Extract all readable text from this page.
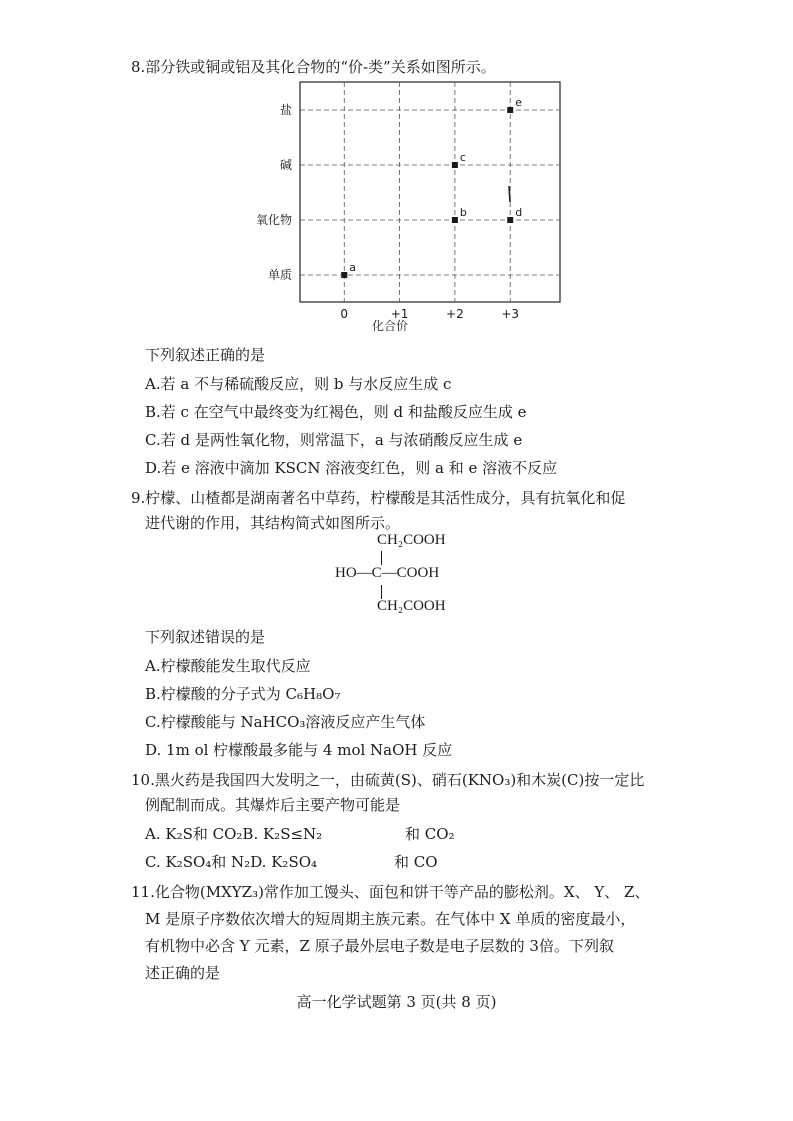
8.部分铁或铜或铝及其化合物的“价-类”关系如图所示。
单质
氧化物
碱
盐
0	+1	+2	+3
a
b
c
d
e
化合价
下列叙述正确的是
A.若 a 不与稀硫酸反应，则 b 与水反应生成 c
B.若 c 在空气中最终变为红褐色，则 d 和盐酸反应生成 e
C.若 d 是两性氧化物，则常温下，a 与浓硝酸反应生成 e
D.若 e 溶液中滴加 KSCN 溶液变红色，则 a 和 e 溶液不反应
9.柠檬、山楂都是湖南著名中草药，柠檬酸是其活性成分，具有抗氧化和促
进代谢的作用，其结构简式如图所示。
CH₂COOH
HO—C—COOH
CH₂COOH
下列叙述错误的是
A.柠檬酸能发生取代反应
B.柠檬酸的分子式为 C₆H₈O₇
C.柠檬酸能与 NaHCO₃溶液反应产生气体
D. 1m ol 柠檬酸最多能与 4 mol NaOH 反应
10.黑火药是我国四大发明之一，由硫黄(S)、硝石(KNO₃)和木炭(C)按一定比
例配制而成。其爆炸后主要产物可能是
A. K₂S和 CO₂B. K₂S≤N₂	和 CO₂
C. K₂SO₄和 N₂D. K₂SO₄	和 CO
11.化合物(MXYZ₃)常作加工馒头、面包和饼干等产品的膨松剂。X、 Y、 Z、
M 是原子序数依次增大的短周期主族元素。在气体中 X 单质的密度最小，
有机物中必含 Y 元素，Z 原子最外层电子数是电子层数的 3倍。下列叙
述正确的是
高一化学试题第 3 页(共 8 页)
